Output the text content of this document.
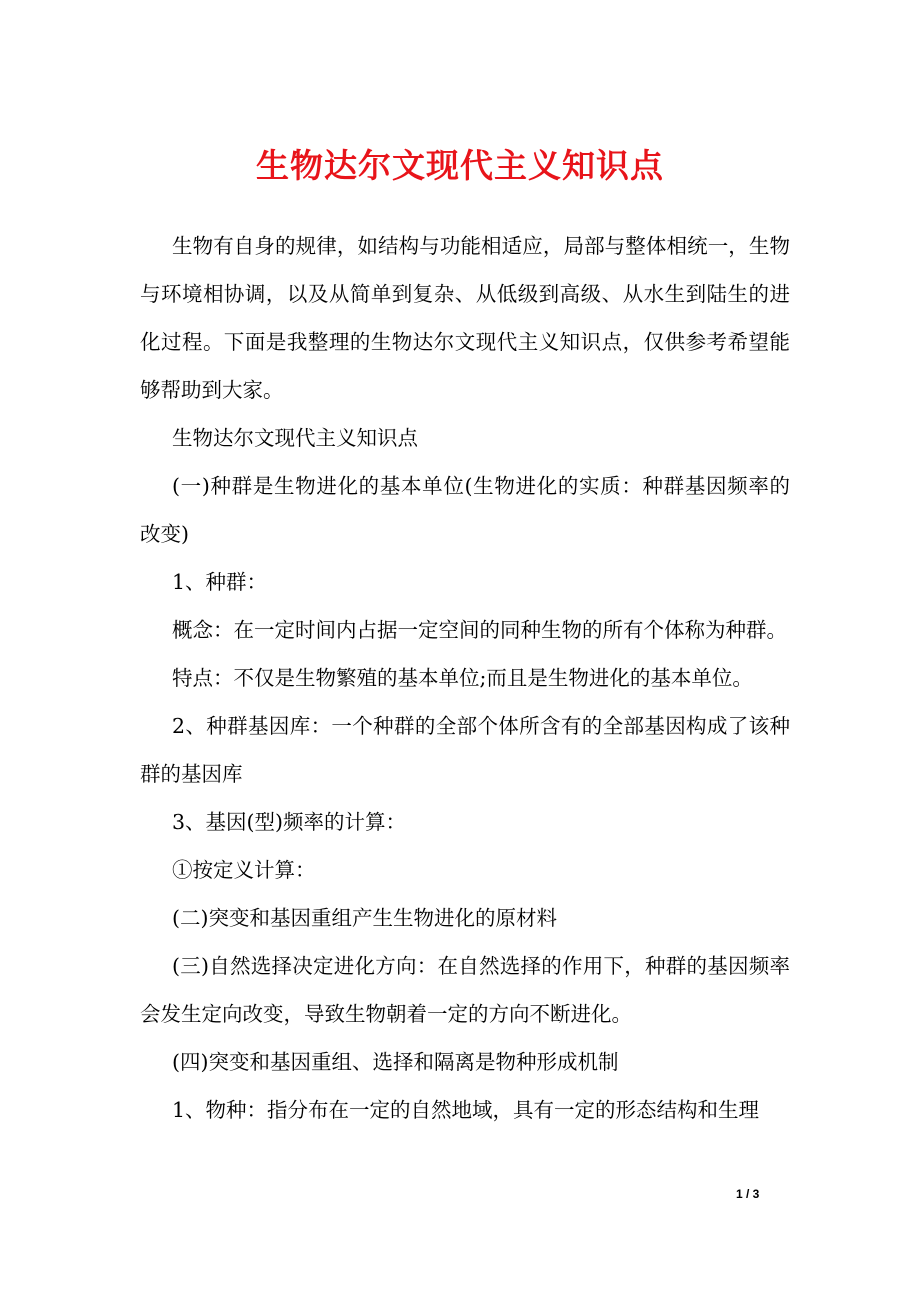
生物达尔文现代主义知识点

生物有自身的规律，如结构与功能相适应，局部与整体相统一，生物与环境相协调，以及从简单到复杂、从低级到高级、从水生到陆生的进化过程。下面是我整理的生物达尔文现代主义知识点，仅供参考希望能够帮助到大家。

生物达尔文现代主义知识点

(一)种群是生物进化的基本单位(生物进化的实质：种群基因频率的改变)

1、种群：

概念：在一定时间内占据一定空间的同种生物的所有个体称为种群。

特点：不仅是生物繁殖的基本单位;而且是生物进化的基本单位。

2、种群基因库：一个种群的全部个体所含有的全部基因构成了该种群的基因库

3、基因(型)频率的计算：

①按定义计算：

(二)突变和基因重组产生生物进化的原材料

(三)自然选择决定进化方向：在自然选择的作用下，种群的基因频率会发生定向改变，导致生物朝着一定的方向不断进化。

(四)突变和基因重组、选择和隔离是物种形成机制

1、物种：指分布在一定的自然地域，具有一定的形态结构和生理

1 / 3
